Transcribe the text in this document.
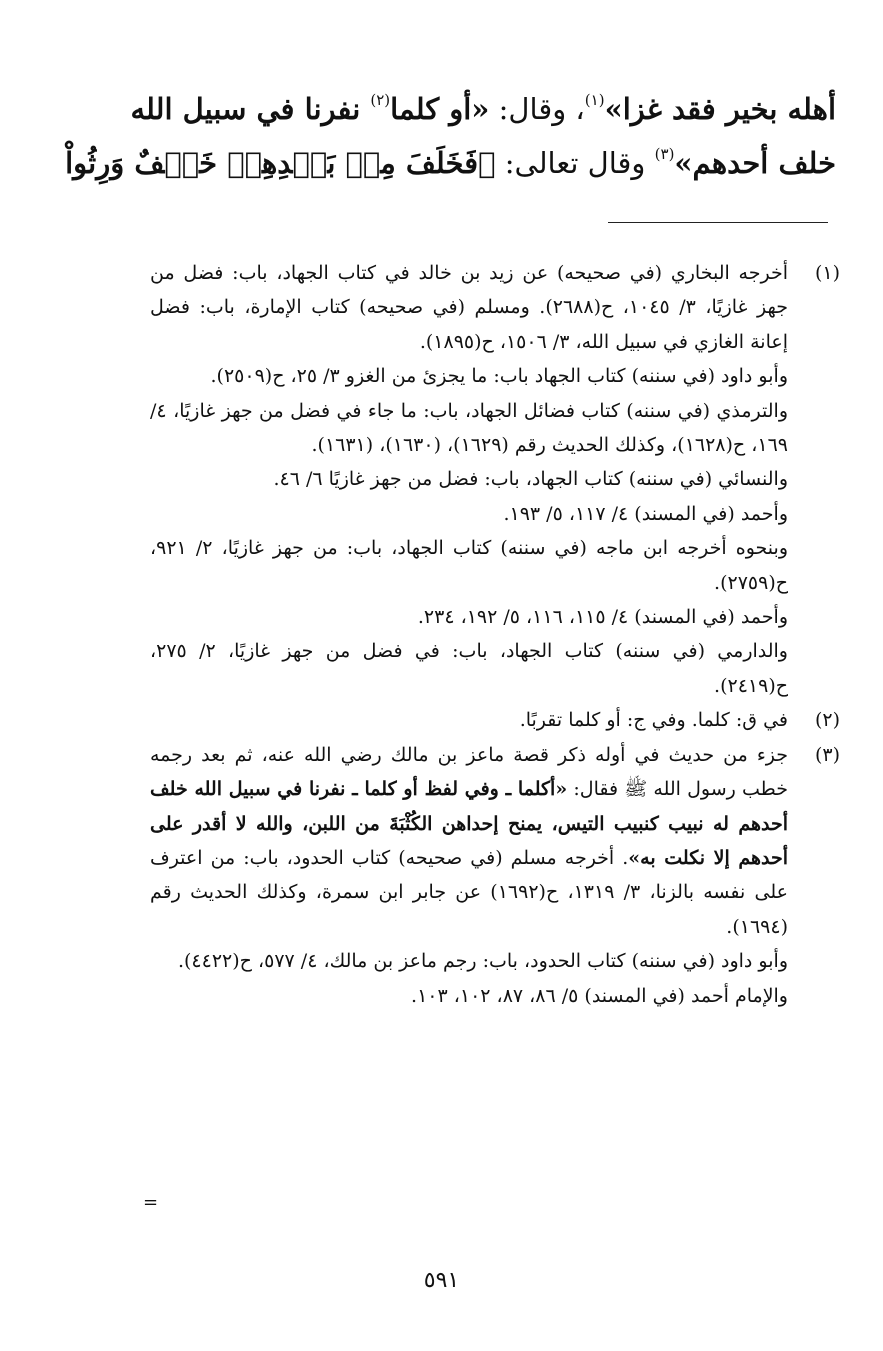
أهله بخير فقد غزا»$^{(١)}$، وقال: «أو كلما$^{(٢)}$ نفرنا في سبيل الله
خلف أحدهم»$^{(٣)}$ وقال تعالى: ﴿فَخَلَفَ مِنۢ بَعۡدِهِمۡ خَلۡفٌ وَرِثُواْ
(١)

أخرجه البخاري (في صحيحه) عن زيد بن خالد في كتاب الجهاد، باب: فضل من جهز غازيًا، ٣/ ١٠٤٥، ح(٢٦٨٨). ومسلم (في صحيحه) كتاب الإمارة، باب: فضل إعانة الغازي في سبيل الله، ٣/ ١٥٠٦، ح(١٨٩٥).

وأبو داود (في سننه) كتاب الجهاد باب: ما يجزئ من الغزو ٣/ ٢٥، ح(٢٥٠٩).

والترمذي (في سننه) كتاب فضائل الجهاد، باب: ما جاء في فضل من جهز غازيًا، ٤/ ١٦٩، ح(١٦٢٨)، وكذلك الحديث رقم (١٦٢٩)، (١٦٣٠)، (١٦٣١).

والنسائي (في سننه) كتاب الجهاد، باب: فضل من جهز غازيًا ٦/ ٤٦.

وأحمد (في المسند) ٤/ ١١٧، ٥/ ١٩٣.

وبنحوه أخرجه ابن ماجه (في سننه) كتاب الجهاد، باب: من جهز غازيًا، ٢/ ٩٢١، ح(٢٧٥٩).

وأحمد (في المسند) ٤/ ١١٥، ١١٦، ٥/ ١٩٢، ٢٣٤.

والدارمي (في سننه) كتاب الجهاد، باب: في فضل من جهز غازيًا، ٢/ ٢٧٥، ح(٢٤١٩).

(٢)

في ق: كلما. وفي ج: أو كلما تقربًا.

(٣)

جزء من حديث في أوله ذكر قصة ماعز بن مالك رضي الله عنه، ثم بعد رجمه خطب رسول الله ﷺ فقال: «أكلما ـ وفي لفظ أو كلما ـ نفرنا في سبيل الله خلف أحدهم له نبيب كنبيب التيس، يمنح إحداهن الكُثْبَةَ من اللبن، والله لا أقدر على أحدهم إلا نكلت به». أخرجه مسلم (في صحيحه) كتاب الحدود، باب: من اعترف على نفسه بالزنا، ٣/ ١٣١٩، ح(١٦٩٢) عن جابر ابن سمرة، وكذلك الحديث رقم (١٦٩٤).

وأبو داود (في سننه) كتاب الحدود، باب: رجم ماعز بن مالك، ٤/ ٥٧٧، ح(٤٤٢٢).

والإمام أحمد (في المسند) ٥/ ٨٦، ٨٧، ١٠٢، ١٠٣.

=
٥٩١
